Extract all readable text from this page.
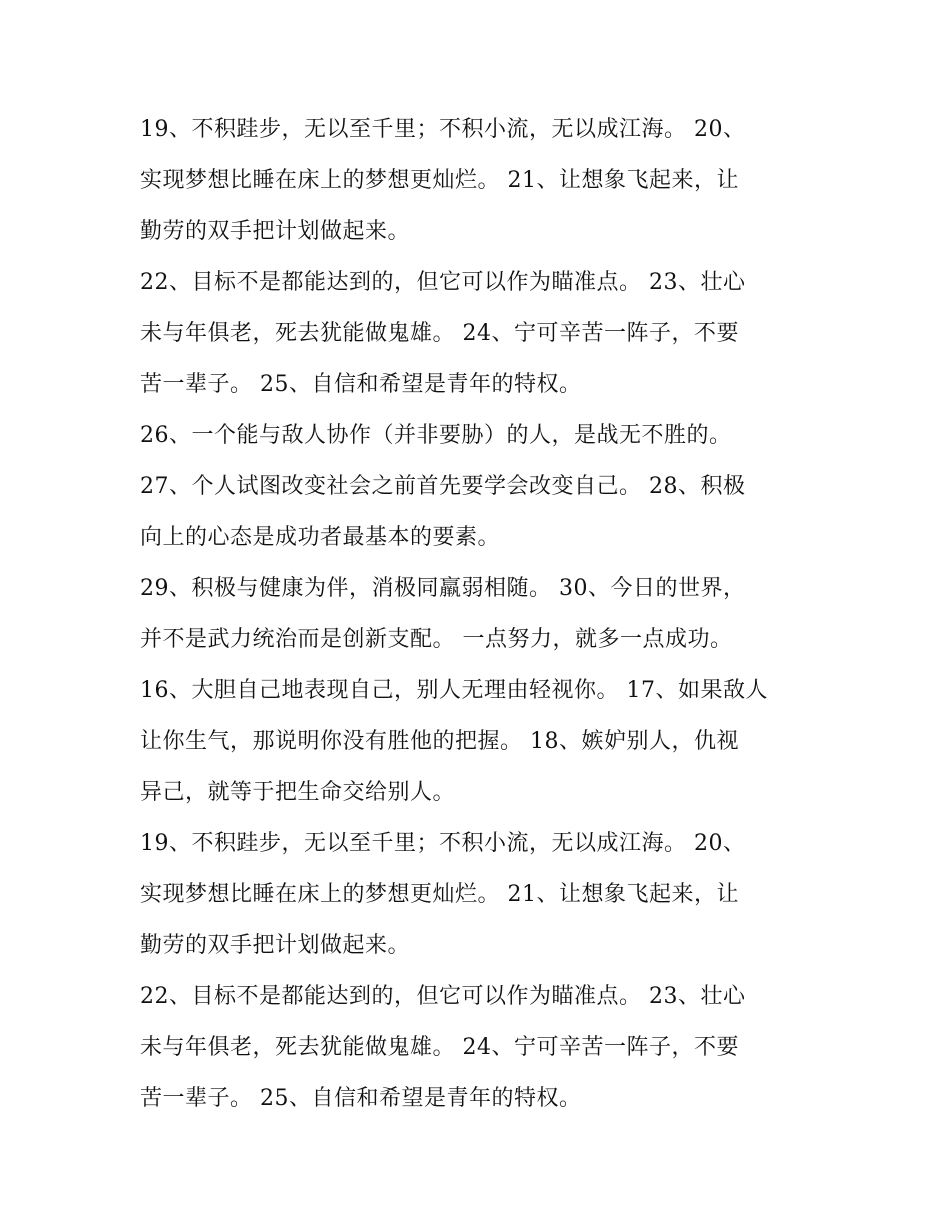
19、不积跬步，无以至千里；不积小流，无以成江海。 20、
实现梦想比睡在床上的梦想更灿烂。 21、让想象飞起来，让
勤劳的双手把计划做起来。
22、目标不是都能达到的，但它可以作为瞄准点。 23、壮心
未与年俱老，死去犹能做鬼雄。 24、宁可辛苦一阵子，不要
苦一辈子。 25、自信和希望是青年的特权。
26、一个能与敌人协作（并非要胁）的人，是战无不胜的。
27、个人试图改变社会之前首先要学会改变自己。 28、积极
向上的心态是成功者最基本的要素。
29、积极与健康为伴，消极同羸弱相随。 30、今日的世界，
并不是武力统治而是创新支配。 一点努力，就多一点成功。
16、大胆自己地表现自己，别人无理由轻视你。 17、如果敌人
让你生气，那说明你没有胜他的把握。 18、嫉妒别人，仇视
异己，就等于把生命交给别人。
19、不积跬步，无以至千里；不积小流，无以成江海。 20、
实现梦想比睡在床上的梦想更灿烂。 21、让想象飞起来，让
勤劳的双手把计划做起来。
22、目标不是都能达到的，但它可以作为瞄准点。 23、壮心
未与年俱老，死去犹能做鬼雄。 24、宁可辛苦一阵子，不要
苦一辈子。 25、自信和希望是青年的特权。
